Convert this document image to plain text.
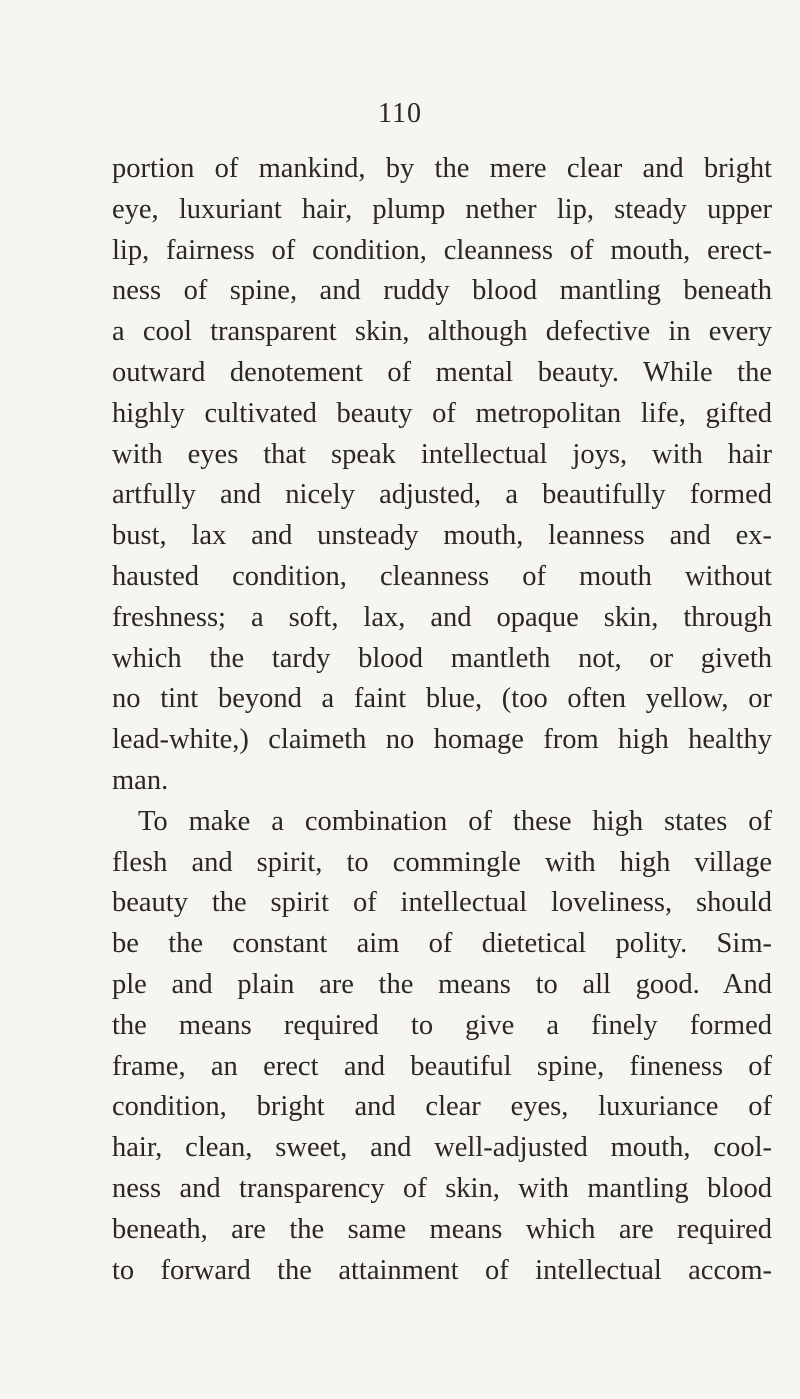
110
portion of mankind, by the mere clear and bright
eye, luxuriant hair, plump nether lip, steady upper
lip, fairness of condition, cleanness of mouth, erect-
ness of spine, and ruddy blood mantling beneath
a cool transparent skin, although defective in every
outward denotement of mental beauty. While the
highly cultivated beauty of metropolitan life, gifted
with eyes that speak intellectual joys, with hair
artfully and nicely adjusted, a beautifully formed
bust, lax and unsteady mouth, leanness and ex-
hausted condition, cleanness of mouth without
freshness; a soft, lax, and opaque skin, through
which the tardy blood mantleth not, or giveth
no tint beyond a faint blue, (too often yellow, or
lead-white,) claimeth no homage from high healthy
man.
To make a combination of these high states of
flesh and spirit, to commingle with high village
beauty the spirit of intellectual loveliness, should
be the constant aim of dietetical polity. Sim-
ple and plain are the means to all good. And
the means required to give a finely formed
frame, an erect and beautiful spine, fineness of
condition, bright and clear eyes, luxuriance of
hair, clean, sweet, and well-adjusted mouth, cool-
ness and transparency of skin, with mantling blood
beneath, are the same means which are required
to forward the attainment of intellectual accom-
